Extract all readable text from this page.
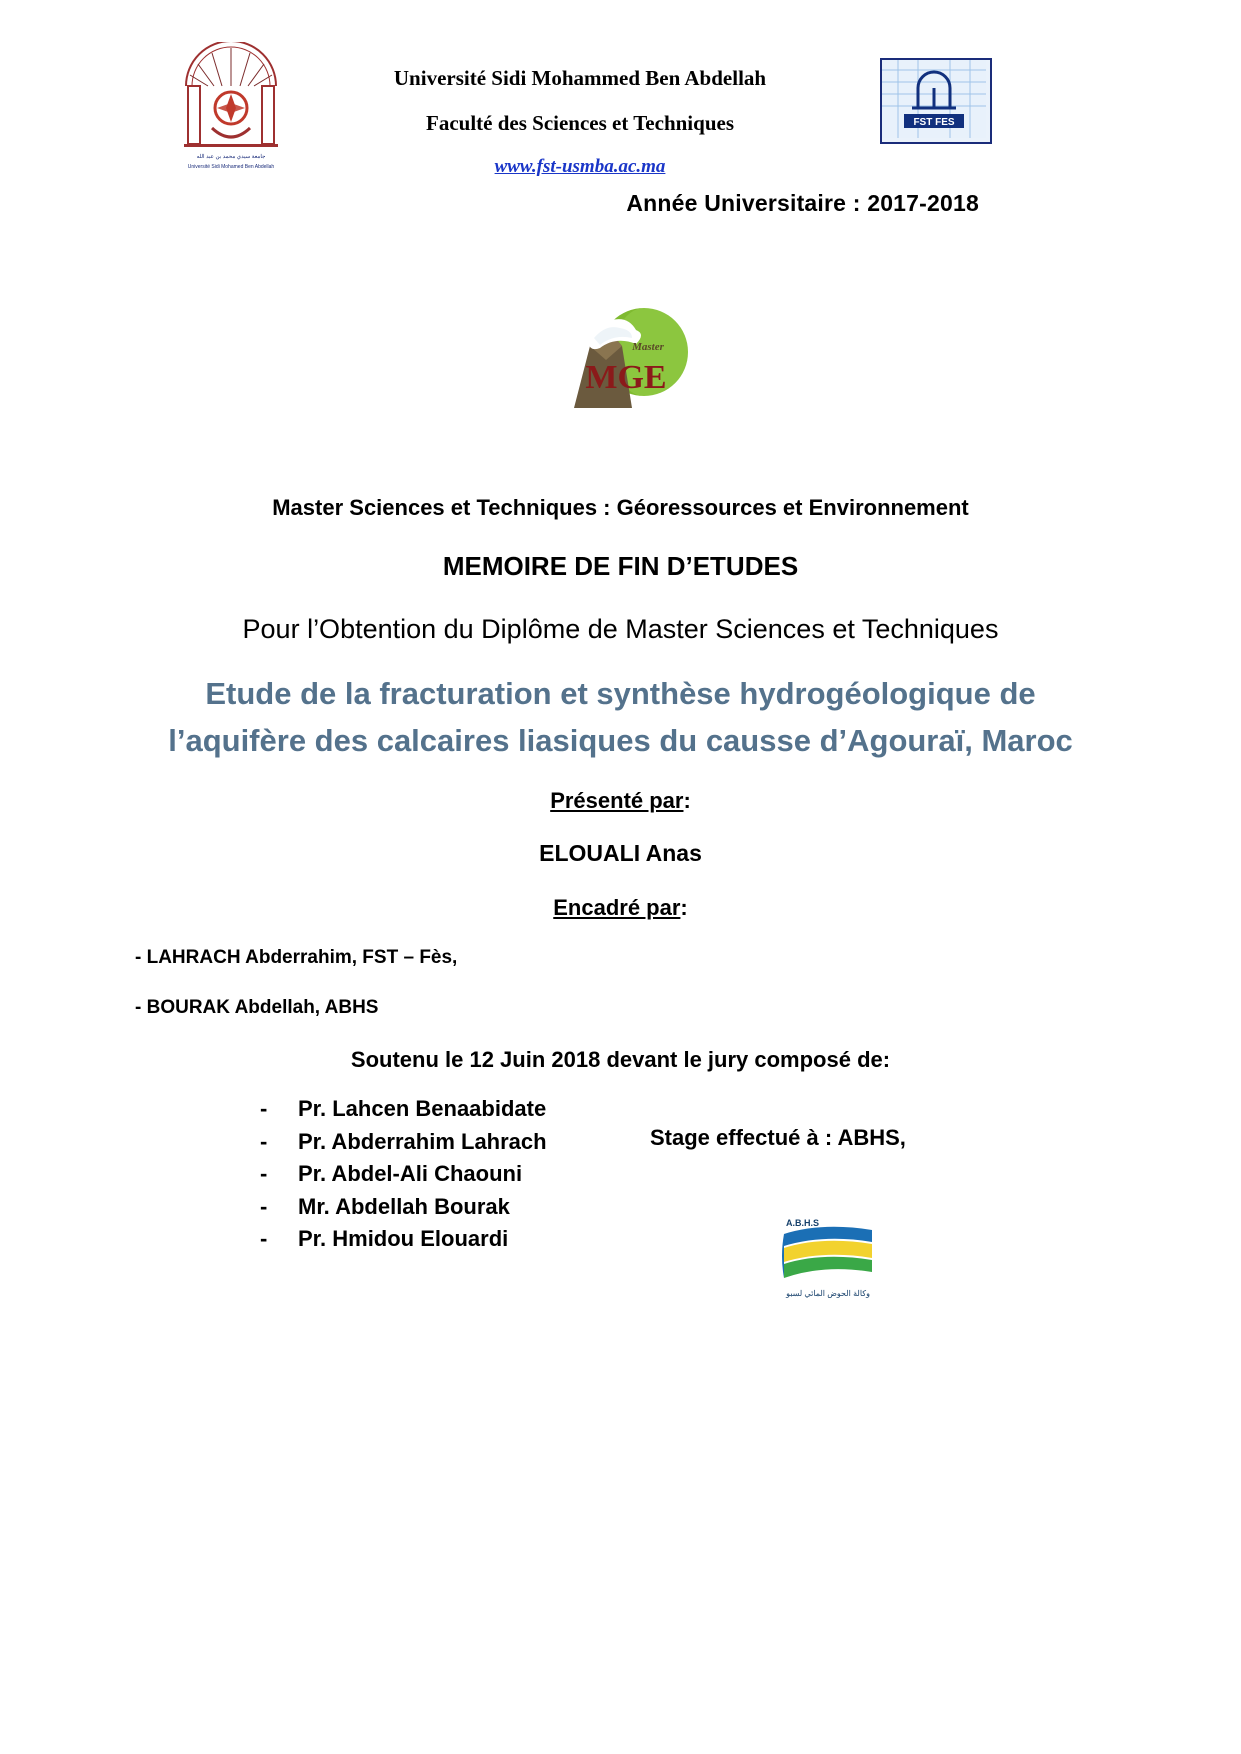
جامعة سيدي محمد بن عبد الله
Université Sidi Mohamed Ben Abdellah
Université Sidi Mohammed Ben Abdellah
Faculté des Sciences et Techniques
www.fst-usmba.ac.ma
FST FES
Année Universitaire : 2017-2018
Master
MGE
Master Sciences et Techniques : Géoressources et Environnement
MEMOIRE DE FIN D’ETUDES
Pour l’Obtention du Diplôme de Master Sciences et Techniques
Etude de la fracturation et synthèse hydrogéologique de l’aquifère des calcaires liasiques du causse d’Agouraï, Maroc
Présenté par:
ELOUALI Anas
Encadré par:
- LAHRACH Abderrahim, FST – Fès,
- BOURAK Abdellah, ABHS
Soutenu le 12 Juin 2018 devant le jury composé de:
- Pr. Lahcen Benaabidate
- Pr. Abderrahim Lahrach
- Pr. Abdel-Ali Chaouni
- Mr. Abdellah Bourak
- Pr. Hmidou Elouardi
Stage effectué à : ABHS,
A.B.H.S
وكالة الحوض المائي لسبو
